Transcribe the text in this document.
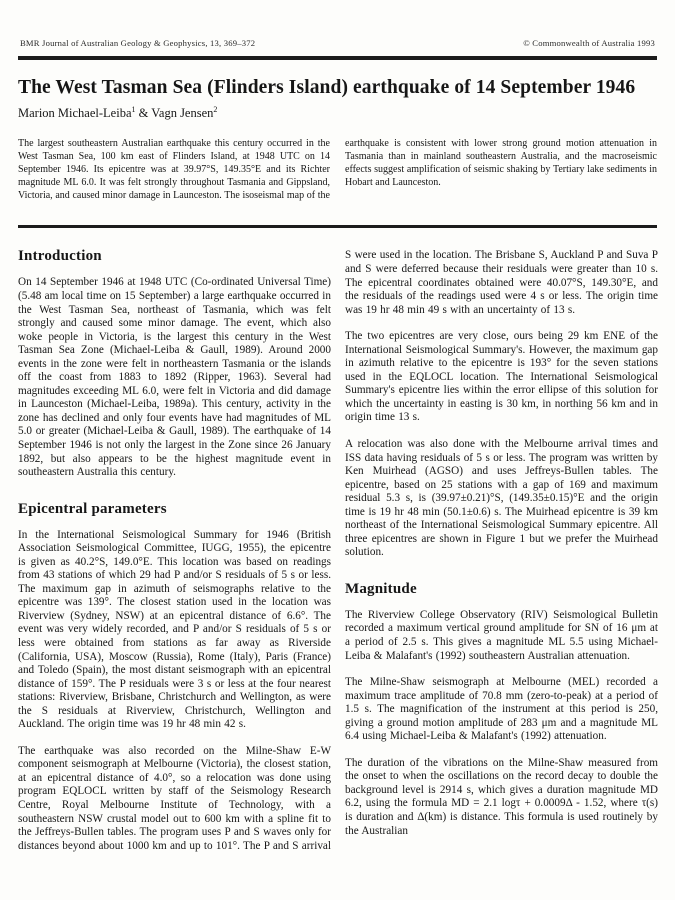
BMR Journal of Australian Geology & Geophysics, 13, 369–372	© Commonwealth of Australia 1993
The West Tasman Sea (Flinders Island) earthquake of 14 September 1946
Marion Michael-Leiba$^1$ & Vagn Jensen$^2$
The largest southeastern Australian earthquake this century occurred in the West Tasman Sea, 100 km east of Flinders Island, at 1948 UTC on 14 September 1946. Its epicentre was at 39.97°S, 149.35°E and its Richter magnitude ML 6.0. It was felt strongly throughout Tasmania and Gippsland, Victoria, and caused minor damage in Launceston. The isoseismal map of the earthquake is consistent with lower strong ground motion attenuation in Tasmania than in mainland southeastern Australia, and the macroseismic effects suggest amplification of seismic shaking by Tertiary lake sediments in Hobart and Launceston.
Introduction

On 14 September 1946 at 1948 UTC (Co-ordinated Universal Time) (5.48 am local time on 15 September) a large earthquake occurred in the West Tasman Sea, northeast of Tasmania, which was felt strongly and caused some minor damage. The event, which also woke people in Victoria, is the largest this century in the West Tasman Sea Zone (Michael-Leiba & Gaull, 1989). Around 2000 events in the zone were felt in northeastern Tasmania or the islands off the coast from 1883 to 1892 (Ripper, 1963). Several had magnitudes exceeding ML 6.0, were felt in Victoria and did damage in Launceston (Michael-Leiba, 1989a). This century, activity in the zone has declined and only four events have had magnitudes of ML 5.0 or greater (Michael-Leiba & Gaull, 1989). The earthquake of 14 September 1946 is not only the largest in the Zone since 26 January 1892, but also appears to be the highest magnitude event in southeastern Australia this century.

Epicentral parameters

In the International Seismological Summary for 1946 (British Association Seismological Committee, IUGG, 1955), the epicentre is given as 40.2°S, 149.0°E. This location was based on readings from 43 stations of which 29 had P and/or S residuals of 5 s or less. The maximum gap in azimuth of seismographs relative to the epicentre was 139°. The closest station used in the location was Riverview (Sydney, NSW) at an epicentral distance of 6.6°. The event was very widely recorded, and P and/or S residuals of 5 s or less were obtained from stations as far away as Riverside (California, USA), Moscow (Russia), Rome (Italy), Paris (France) and Toledo (Spain), the most distant seismograph with an epicentral distance of 159°. The P residuals were 3 s or less at the four nearest stations: Riverview, Brisbane, Christchurch and Wellington, as were the S residuals at Riverview, Christchurch, Wellington and Auckland. The origin time was 19 hr 48 min 42 s.

The earthquake was also recorded on the Milne-Shaw E-W component seismograph at Melbourne (Victoria), the closest station, at an epicentral distance of 4.0°, so a relocation was done using program EQLOCL written by staff of the Seismology Research Centre, Royal Melbourne Institute of Technology, with a southeastern NSW crustal model out to 600 km with a spline fit to the Jeffreys-Bullen tables. The program uses P and S waves only for distances beyond about 1000 km and up to 101°. The P and S arrival

S were used in the location. The Brisbane S, Auckland P and Suva P and S were deferred because their residuals were greater than 10 s. The epicentral coordinates obtained were 40.07°S, 149.30°E, and the residuals of the readings used were 4 s or less. The origin time was 19 hr 48 min 49 s with an uncertainty of 13 s.

The two epicentres are very close, ours being 29 km ENE of the International Seismological Summary's. However, the maximum gap in azimuth relative to the epicentre is 193° for the seven stations used in the EQLOCL location. The International Seismological Summary's epicentre lies within the error ellipse of this solution for which the uncertainty in easting is 30 km, in northing 56 km and in origin time 13 s.

A relocation was also done with the Melbourne arrival times and ISS data having residuals of 5 s or less. The program was written by Ken Muirhead (AGSO) and uses Jeffreys-Bullen tables. The epicentre, based on 25 stations with a gap of 169 and maximum residual 5.3 s, is (39.97±0.21)°S, (149.35±0.15)°E and the origin time is 19 hr 48 min (50.1±0.6) s. The Muirhead epicentre is 39 km northeast of the International Seismological Summary epicentre. All three epicentres are shown in Figure 1 but we prefer the Muirhead solution.

Magnitude

The Riverview College Observatory (RIV) Seismological Bulletin recorded a maximum vertical ground amplitude for SN of 16 μm at a period of 2.5 s. This gives a magnitude ML 5.5 using Michael-Leiba & Malafant's (1992) southeastern Australian attenuation.

The Milne-Shaw seismograph at Melbourne (MEL) recorded a maximum trace amplitude of 70.8 mm (zero-to-peak) at a period of 1.5 s. The magnification of the instrument at this period is 250, giving a ground motion amplitude of 283 μm and a magnitude ML 6.4 using Michael-Leiba & Malafant's (1992) attenuation.

The duration of the vibrations on the Milne-Shaw measured from the onset to when the oscillations on the record decay to double the background level is 2914 s, which gives a duration magnitude MD 6.2, using the formula MD = 2.1 logτ + 0.0009Δ - 1.52, where τ(s) is duration and Δ(km) is distance. This formula is used routinely by the Australian
